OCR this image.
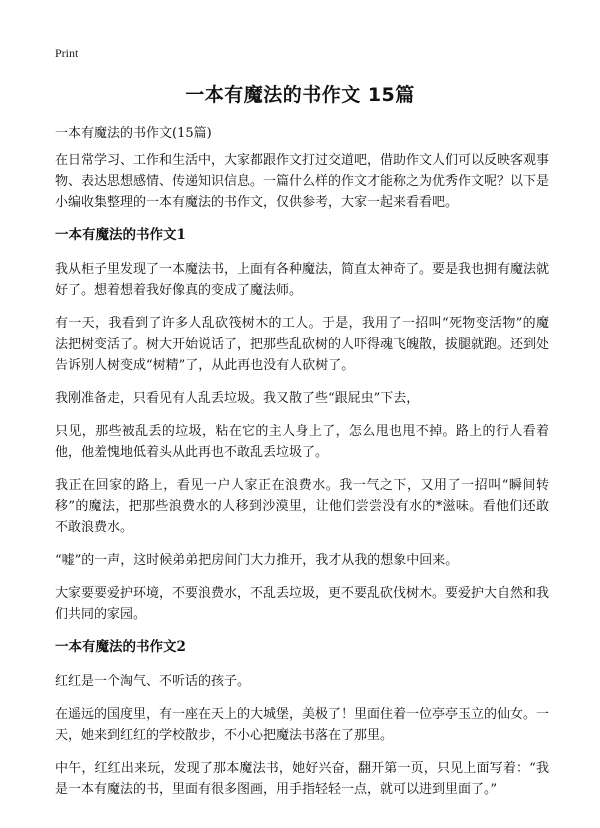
Print
一本有魔法的书作文 15篇

一本有魔法的书作文(15篇)

在日常学习、工作和生活中，大家都跟作文打过交道吧，借助作文人们可以反映客观事物、表达思想感情、传递知识信息。一篇什么样的作文才能称之为优秀作文呢？以下是小编收集整理的一本有魔法的书作文，仅供参考，大家一起来看看吧。

一本有魔法的书作文1

我从柜子里发现了一本魔法书，上面有各种魔法，简直太神奇了。要是我也拥有魔法就好了。想着想着我好像真的变成了魔法师。

有一天，我看到了许多人乱砍筏树木的工人。于是，我用了一招叫“死物变活物”的魔法把树变活了。树大开始说话了，把那些乱砍树的人吓得魂飞魄散，拔腿就跑。还到处告诉别人树变成“树精”了，从此再也没有人砍树了。

我刚准备走，只看见有人乱丢垃圾。我又散了些“跟屁虫”下去，

只见，那些被乱丢的垃圾，粘在它的主人身上了，怎么甩也甩不掉。路上的行人看着他，他羞愧地低着头从此再也不敢乱丢垃圾了。

我正在回家的路上，看见一户人家正在浪费水。我一气之下，又用了一招叫“瞬间转移”的魔法，把那些浪费水的人移到沙漠里，让他们尝尝没有水的*滋味。看他们还敢不敢浪费水。

“嘘”的一声，这时候弟弟把房间门大力推开，我才从我的想象中回来。

大家要要爱护环境，不要浪费水，不乱丢垃圾，更不要乱砍伐树木。要爱护大自然和我们共同的家园。

一本有魔法的书作文2

红红是一个淘气、不听话的孩子。

在遥远的国度里，有一座在天上的大城堡，美极了！里面住着一位亭亭玉立的仙女。一天，她来到红红的学校散步，不小心把魔法书落在了那里。

中午，红红出来玩，发现了那本魔法书，她好兴奋，翻开第一页，只见上面写着：“我是一本有魔法的书，里面有很多图画，用手指轻轻一点，就可以进到里面了。”
